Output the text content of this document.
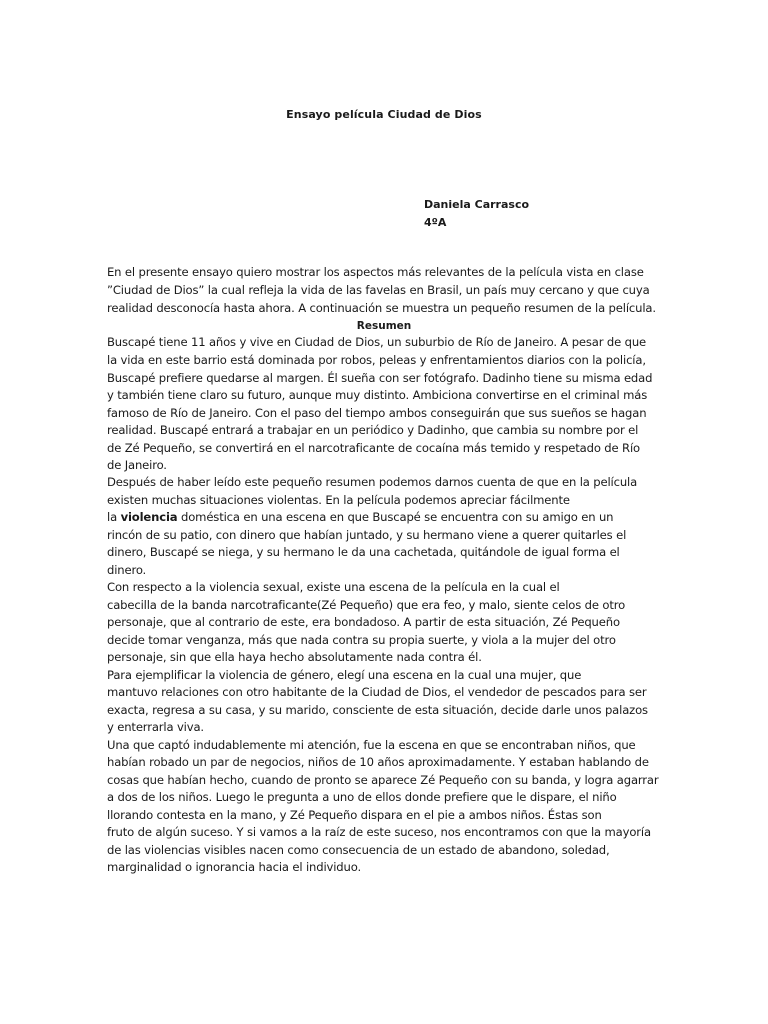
Ensayo película Ciudad de Dios
Daniela Carrasco
4ºA
En el presente ensayo quiero mostrar los aspectos más relevantes de la película vista en clase
”Ciudad de Dios” la cual refleja la vida de las favelas en Brasil, un país muy cercano y que cuya
realidad desconocía hasta ahora. A continuación se muestra un pequeño resumen de la película.
Resumen
Buscapé tiene 11 años y vive en Ciudad de Dios, un suburbio de Río de Janeiro. A pesar de que
la vida en este barrio está dominada por robos, peleas y enfrentamientos diarios con la policía,
Buscapé prefiere quedarse al margen. Él sueña con ser fotógrafo. Dadinho tiene su misma edad
y también tiene claro su futuro, aunque muy distinto. Ambiciona convertirse en el criminal más
famoso de Río de Janeiro. Con el paso del tiempo ambos conseguirán que sus sueños se hagan
realidad. Buscapé entrará a trabajar en un periódico y Dadinho, que cambia su nombre por el
de Zé Pequeño, se convertirá en el narcotraficante de cocaína más temido y respetado de Río
de Janeiro.
Después de haber leído este pequeño resumen podemos darnos cuenta de que en la película
existen muchas situaciones violentas. En la película podemos apreciar fácilmente
la violencia doméstica en una escena en que Buscapé se encuentra con su amigo en un
rincón de su patio, con dinero que habían juntado, y su hermano viene a querer quitarles el
dinero, Buscapé se niega, y su hermano le da una cachetada, quitándole de igual forma el
dinero.
Con respecto a la violencia sexual, existe una escena de la película en la cual el
cabecilla de la banda narcotraficante(Zé Pequeño) que era feo, y malo, siente celos de otro
personaje, que al contrario de este, era bondadoso. A partir de esta situación, Zé Pequeño
decide tomar venganza, más que nada contra su propia suerte, y viola a la mujer del otro
personaje, sin que ella haya hecho absolutamente nada contra él.
Para ejemplificar la violencia de género, elegí una escena en la cual una mujer, que
mantuvo relaciones con otro habitante de la Ciudad de Dios, el vendedor de pescados para ser
exacta, regresa a su casa, y su marido, consciente de esta situación, decide darle unos palazos
y enterrarla viva.
Una que captó indudablemente mi atención, fue la escena en que se encontraban niños, que
habían robado un par de negocios, niños de 10 años aproximadamente. Y estaban hablando de
cosas que habían hecho, cuando de pronto se aparece Zé Pequeño con su banda, y logra agarrar
a dos de los niños. Luego le pregunta a uno de ellos donde prefiere que le dispare, el niño
llorando contesta en la mano, y Zé Pequeño dispara en el pie a ambos niños. Éstas son
fruto de algún suceso. Y si vamos a la raíz de este suceso, nos encontramos con que la mayoría
de las violencias visibles nacen como consecuencia de un estado de abandono, soledad,
marginalidad o ignorancia hacia el individuo.
